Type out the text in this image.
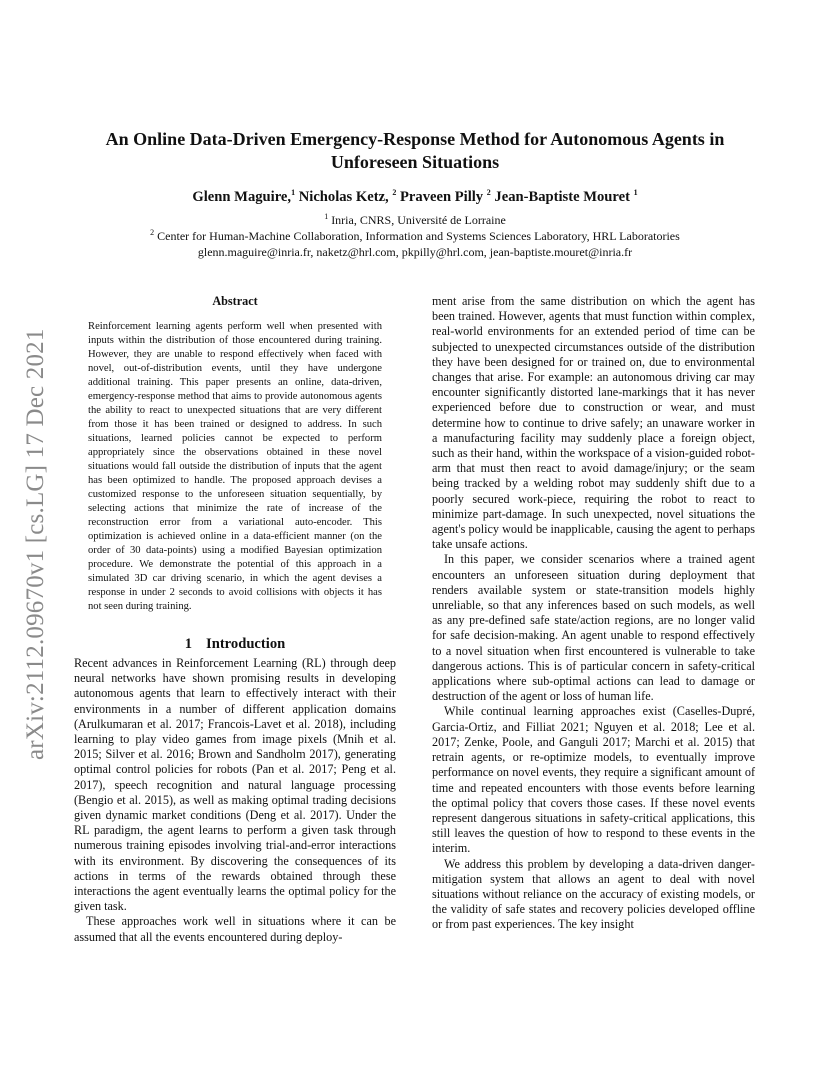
arXiv:2112.09670v1 [cs.LG] 17 Dec 2021
An Online Data-Driven Emergency-Response Method for Autonomous Agents in Unforeseen Situations
Glenn Maguire,$^1$ Nicholas Ketz, $^2$ Praveen Pilly $^2$ Jean-Baptiste Mouret $^1$
$^1$ Inria, CNRS, Université de Lorraine
$^2$ Center for Human-Machine Collaboration, Information and Systems Sciences Laboratory, HRL Laboratories
glenn.maguire@inria.fr, naketz@hrl.com, pkpilly@hrl.com, jean-baptiste.mouret@inria.fr
Abstract

Reinforcement learning agents perform well when presented with inputs within the distribution of those encountered during training. However, they are unable to respond effectively when faced with novel, out-of-distribution events, until they have undergone additional training. This paper presents an online, data-driven, emergency-response method that aims to provide autonomous agents the ability to react to unexpected situations that are very different from those it has been trained or designed to address. In such situations, learned policies cannot be expected to perform appropriately since the observations obtained in these novel situations would fall outside the distribution of inputs that the agent has been optimized to handle. The proposed approach devises a customized response to the unforeseen situation sequentially, by selecting actions that minimize the rate of increase of the reconstruction error from a variational auto-encoder. This optimization is achieved online in a data-efficient manner (on the order of 30 data-points) using a modified Bayesian optimization procedure. We demonstrate the potential of this approach in a simulated 3D car driving scenario, in which the agent devises a response in under 2 seconds to avoid collisions with objects it has not seen during training.

1 Introduction

Recent advances in Reinforcement Learning (RL) through deep neural networks have shown promising results in developing autonomous agents that learn to effectively interact with their environments in a number of different application domains (Arulkumaran et al. 2017; Francois-Lavet et al. 2018), including learning to play video games from image pixels (Mnih et al. 2015; Silver et al. 2016; Brown and Sandholm 2017), generating optimal control policies for robots (Pan et al. 2017; Peng et al. 2017), speech recognition and natural language processing (Bengio et al. 2015), as well as making optimal trading decisions given dynamic market conditions (Deng et al. 2017). Under the RL paradigm, the agent learns to perform a given task through numerous training episodes involving trial-and-error interactions with its environment. By discovering the consequences of its actions in terms of the rewards obtained through these interactions the agent eventually learns the optimal policy for the given task.

These approaches work well in situations where it can be assumed that all the events encountered during deploy-

ment arise from the same distribution on which the agent has been trained. However, agents that must function within complex, real-world environments for an extended period of time can be subjected to unexpected circumstances outside of the distribution they have been designed for or trained on, due to environmental changes that arise. For example: an autonomous driving car may encounter significantly distorted lane-markings that it has never experienced before due to construction or wear, and must determine how to continue to drive safely; an unaware worker in a manufacturing facility may suddenly place a foreign object, such as their hand, within the workspace of a vision-guided robot-arm that must then react to avoid damage/injury; or the seam being tracked by a welding robot may suddenly shift due to a poorly secured work-piece, requiring the robot to react to minimize part-damage. In such unexpected, novel situations the agent's policy would be inapplicable, causing the agent to perhaps take unsafe actions.

In this paper, we consider scenarios where a trained agent encounters an unforeseen situation during deployment that renders available system or state-transition models highly unreliable, so that any inferences based on such models, as well as any pre-defined safe state/action regions, are no longer valid for safe decision-making. An agent unable to respond effectively to a novel situation when first encountered is vulnerable to take dangerous actions. This is of particular concern in safety-critical applications where sub-optimal actions can lead to damage or destruction of the agent or loss of human life.

While continual learning approaches exist (Caselles-Dupré, Garcia-Ortiz, and Filliat 2021; Nguyen et al. 2018; Lee et al. 2017; Zenke, Poole, and Ganguli 2017; Marchi et al. 2015) that retrain agents, or re-optimize models, to eventually improve performance on novel events, they require a significant amount of time and repeated encounters with those events before learning the optimal policy that covers those cases. If these novel events represent dangerous situations in safety-critical applications, this still leaves the question of how to respond to these events in the interim.

We address this problem by developing a data-driven danger-mitigation system that allows an agent to deal with novel situations without reliance on the accuracy of existing models, or the validity of safe states and recovery policies developed offline or from past experiences. The key insight
